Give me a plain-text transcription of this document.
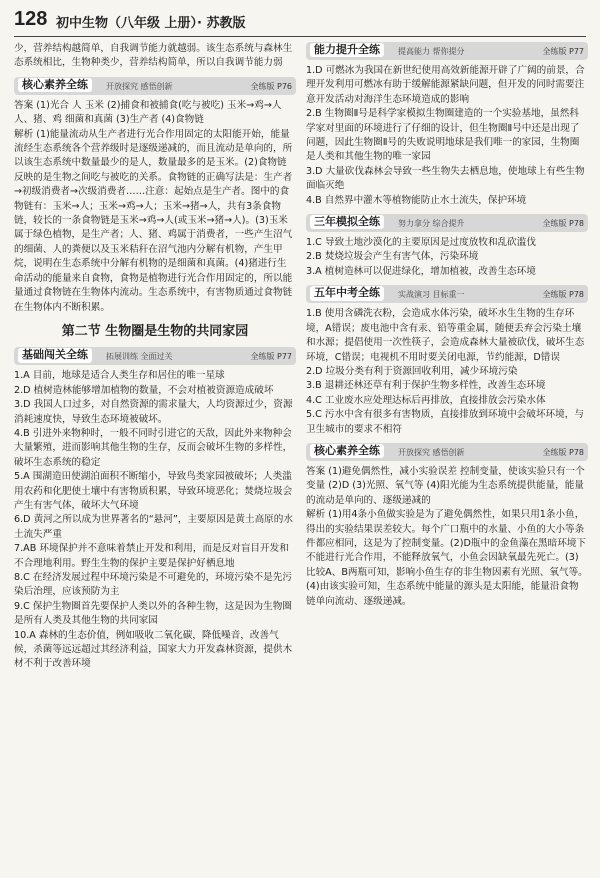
128 初中生物（八年级 上册）· 苏教版

少，营养结构越简单，自我调节能力就越弱。该生态系统与森林生态系统相比，生物种类少，营养结构简单，所以自我调节能力弱

核心素养全练	开放探究 感悟创新	全练版 P76

答案 (1)光合 人 玉米 (2)捕食和被捕食(吃与被吃) 玉米→鸡→人 人、猪、鸡 细菌和真菌 (3)生产者 (4)食物链

解析 (1)能量流动从生产者进行光合作用固定的太阳能开始，能量流经生态系统各个营养级时是逐级递减的，而且流动是单向的，所以该生态系统中数量最少的是人，数量最多的是玉米。(2)食物链反映的是生物之间吃与被吃的关系。食物链的正确写法是：生产者→初级消费者→次级消费者……注意：起始点是生产者。图中的食物链有：玉米→人；玉米→鸡→人；玉米→猪→人，共有3条食物链，较长的一条食物链是玉米→鸡→人(或玉米→猪→人)。(3)玉米属于绿色植物，是生产者；人、猪、鸡属于消费者，一些产生沼气的细菌、人的粪便以及玉米秸秆在沼气池内分解有机物，产生甲烷，说明在生态系统中分解有机物的是细菌和真菌。(4)猪进行生命活动的能量来自食物，食物是植物进行光合作用固定的，所以能量通过食物链在生物体内流动。生态系统中，有害物质通过食物链在生物体内不断积累。

第二节 生物圈是生物的共同家园
基础闯关全练	拓展训练 全面过关	全练版 P77

1.A 目前，地球是适合人类生存和居住的唯一星球

2.D 植树造林能够增加植物的数量，不会对植被资源造成破坏

3.D 我国人口过多，对自然资源的需求量大，人均资源过少，资源消耗速度快，导致生态环境被破坏。

4.B 引进外来物种时，一般不同时引进它的天敌，因此外来物种会大量繁殖，进而影响其他生物的生存，反而会破坏生物的多样性，破坏生态系统的稳定

5.A 围湖造田使湖泊面积不断缩小，导致鸟类家园被破坏；人类滥用农药和化肥使土壤中有害物质积累，导致环境恶化；焚烧垃圾会产生有害气体，破坏大气环境

6.D 黄河之所以成为世界著名的“悬河”，主要原因是黄土高原的水土流失严重

7.AB 环境保护并不意味着禁止开发和利用，而是反对盲目开发和不合理地利用。野生生物的保护主要是保护好栖息地

8.C 在经济发展过程中环境污染是不可避免的，环境污染不是先污染后治理，应该预防为主

9.C 保护生物圈首先要保护人类以外的各种生物，这是因为生物圈是所有人类及其他生物的共同家园

10.A 森林的生态价值，例如吸收二氧化碳，降低噪音，改善气候，杀菌等远远超过其经济利益，国家大力开发森林资源，提供木材不利于改善环境

能力提升全练	提高能力 帮你提分	全练版 P77

1.D 可燃冰为我国在新世纪使用高效新能源开辟了广阔的前景，合理开发利用可燃冰有助于缓解能源紧缺问题，但开发的同时需要注意开发活动对海洋生态环境造成的影响

2.B 生物圈Ⅱ号是科学家模拟生物圈建造的一个实验基地，虽然科学家对里面的环境进行了仔细的设计，但生物圈Ⅱ号中还是出现了问题，因此生物圈Ⅱ号的失败说明地球是我们唯一的家园，生物圈是人类和其他生物的唯一家园

3.D 大量砍伐森林会导致一些生物失去栖息地，使地球上有些生物面临灭绝

4.B 自然界中灌木等植物能防止水土流失，保护环境

三年模拟全练	努力拿分 综合提升	全练版 P78

1.C 导致土地沙漠化的主要原因是过度放牧和乱砍滥伐

2.B 焚烧垃圾会产生有害气体，污染环境

3.A 植树造林可以促进绿化，增加植被，改善生态环境

五年中考全练	实战演习 目标重一	全练版 P78

1.B 使用含磷洗衣粉，会造成水体污染，破坏水生生物的生存环境，A错误；废电池中含有汞、铅等重金属，随便丢弃会污染土壤和水源；提倡使用一次性筷子，会造成森林大量被砍伐，破坏生态环境，C错误；电视机不用时要关闭电源，节约能源，D错误

2.D 垃圾分类有利于资源回收利用，减少环境污染

3.B 退耕还林还草有利于保护生物多样性，改善生态环境

4.C 工业废水应处理达标后再排放，直接排放会污染水体

5.C 污水中含有很多有害物质，直接排放到环境中会破坏环境，与卫生城市的要求不相符

核心素养全练	开放探究 感悟创新	全练版 P78

答案 (1)避免偶然性，减小实验误差 控制变量，使该实验只有一个变量 (2)D (3)光照、氧气等 (4)阳光能为生态系统提供能量，能量的流动是单向的、逐级递减的

解析 (1)用4条小鱼做实验是为了避免偶然性，如果只用1条小鱼，得出的实验结果误差较大。每个广口瓶中的水量、小鱼的大小等条件都应相同，这是为了控制变量。(2)D瓶中的金鱼藻在黑暗环境下不能进行光合作用，不能释放氧气，小鱼会因缺氧最先死亡。(3)比较A、B两瓶可知，影响小鱼生存的非生物因素有光照、氧气等。(4)由该实验可知，生态系统中能量的源头是太阳能，能量沿食物链单向流动、逐级递减。
